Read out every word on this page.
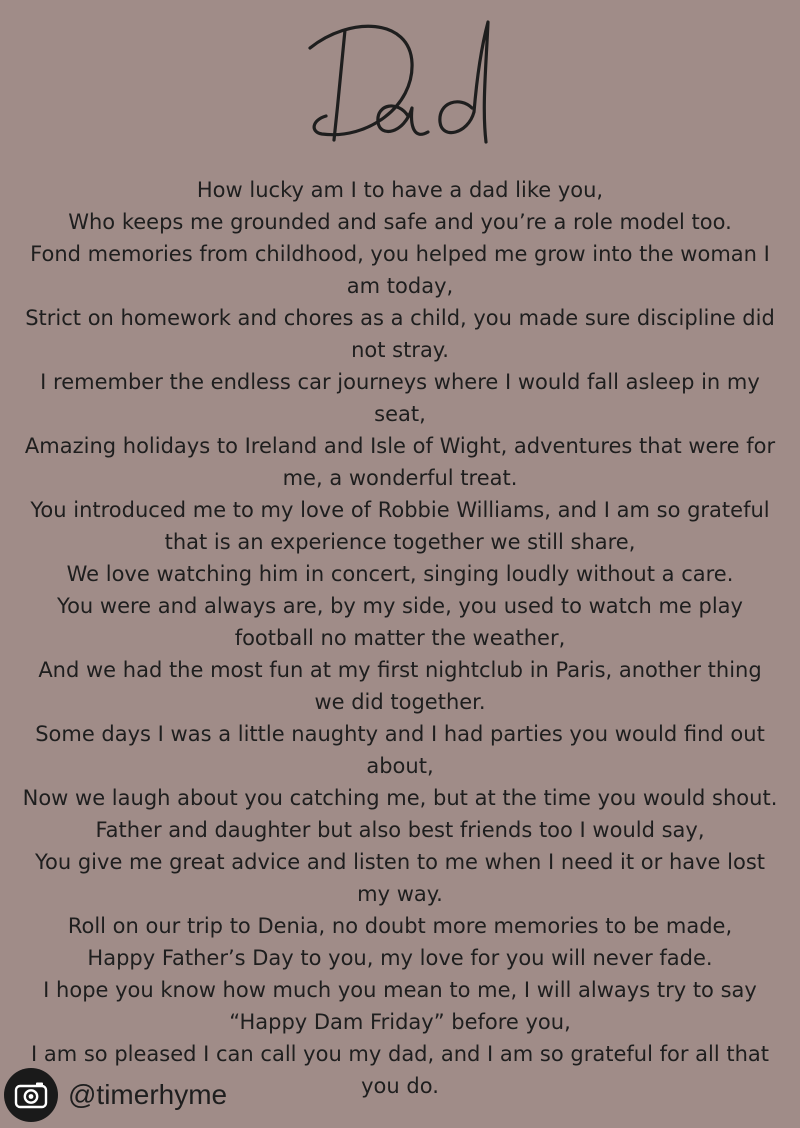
How lucky am I to have a dad like you,
Who keeps me grounded and safe and you’re a role model too.
Fond memories from childhood, you helped me grow into the woman I am today,
Strict on homework and chores as a child, you made sure discipline did not stray.
I remember the endless car journeys where I would fall asleep in my seat,
Amazing holidays to Ireland and Isle of Wight, adventures that were for me, a wonderful treat.
You introduced me to my love of Robbie Williams, and I am so grateful that is an experience together we still share,
We love watching him in concert, singing loudly without a care.
You were and always are, by my side, you used to watch me play football no matter the weather,
And we had the most fun at my first nightclub in Paris, another thing we did together.
Some days I was a little naughty and I had parties you would find out about,
Now we laugh about you catching me, but at the time you would shout.
Father and daughter but also best friends too I would say,
You give me great advice and listen to me when I need it or have lost my way.
Roll on our trip to Denia, no doubt more memories to be made,
Happy Father’s Day to you, my love for you will never fade.
I hope you know how much you mean to me, I will always try to say “Happy Dam Friday” before you,
I am so pleased I can call you my dad, and I am so grateful for all that you do.
@timerhyme
